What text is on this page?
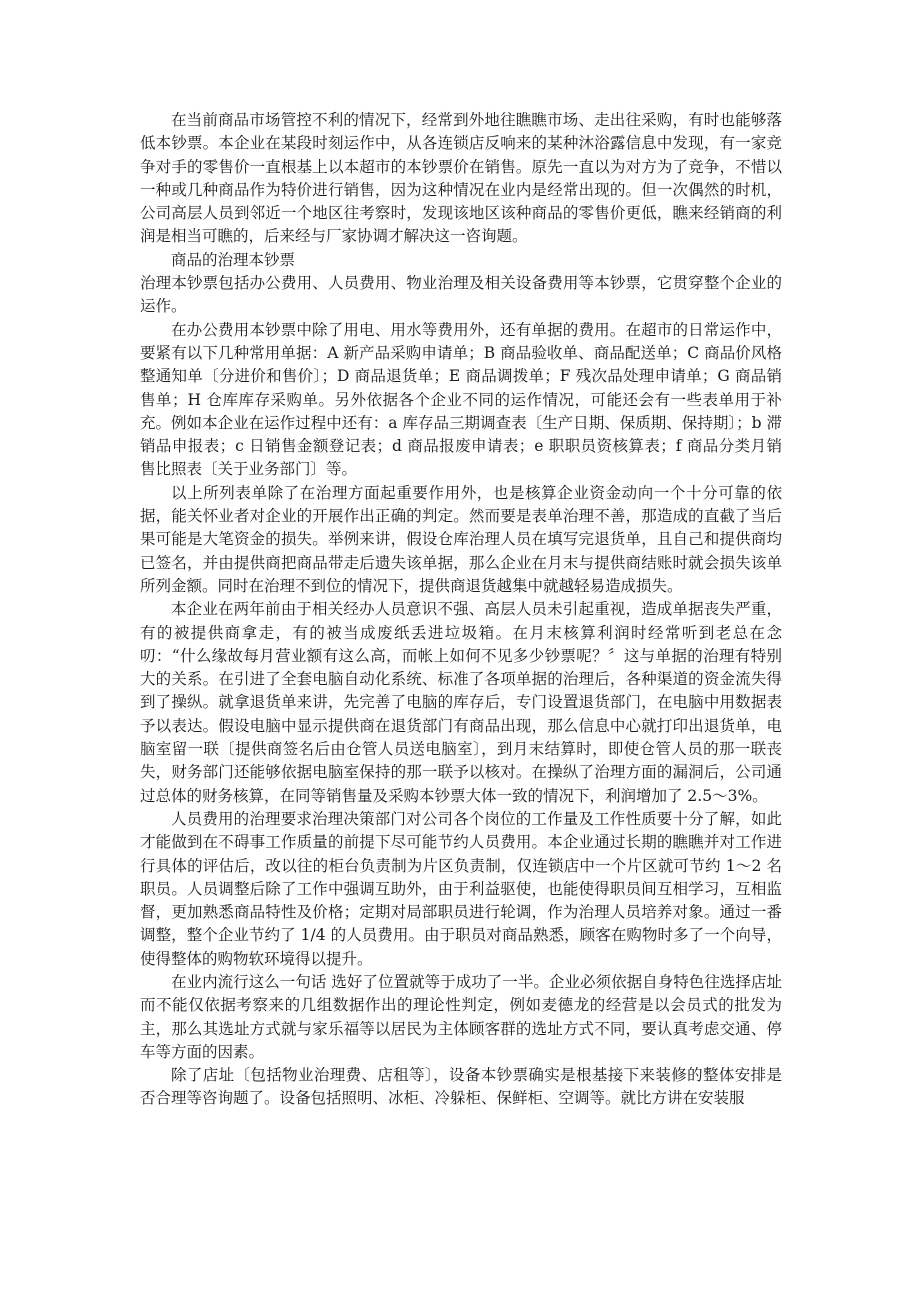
在当前商品市场管控不利的情况下，经常到外地往瞧瞧市场、走出往采购，有时也能够落低本钞票。本企业在某段时刻运作中，从各连锁店反响来的某种沐浴露信息中发现，有一家竞争对手的零售价一直根基上以本超市的本钞票价在销售。原先一直以为对方为了竞争，不惜以一种或几种商品作为特价进行销售，因为这种情况在业内是经常出现的。但一次偶然的时机，公司高层人员到邻近一个地区往考察时，发现该地区该种商品的零售价更低，瞧来经销商的利润是相当可瞧的，后来经与厂家协调才解决这一咨询题。

商品的治理本钞票

治理本钞票包括办公费用、人员费用、物业治理及相关设备费用等本钞票，它贯穿整个企业的运作。

在办公费用本钞票中除了用电、用水等费用外，还有单据的费用。在超市的日常运作中，要紧有以下几种常用单据：A 新产品采购申请单；B 商品验收单、商品配送单；C 商品价风格整通知单〔分进价和售价〕；D 商品退货单；E 商品调拨单；F 残次品处理申请单；G 商品销售单；H 仓库库存采购单。另外依据各个企业不同的运作情况，可能还会有一些表单用于补充。例如本企业在运作过程中还有：a 库存品三期调查表〔生产日期、保质期、保持期〕；b 滞销品申报表；c 日销售金额登记表；d 商品报废申请表；e 职职员资核算表；f 商品分类月销售比照表〔关于业务部门〕等。

以上所列表单除了在治理方面起重要作用外，也是核算企业资金动向一个十分可靠的依据，能关怀业者对企业的开展作出正确的判定。然而要是表单治理不善，那造成的直截了当后果可能是大笔资金的损失。举例来讲，假设仓库治理人员在填写完退货单，且自己和提供商均已签名，并由提供商把商品带走后遗失该单据，那么企业在月末与提供商结账时就会损失该单所列金额。同时在治理不到位的情况下，提供商退货越集中就越轻易造成损失。

本企业在两年前由于相关经办人员意识不强、高层人员未引起重视，造成单据丧失严重，有的被提供商拿走，有的被当成废纸丢进垃圾箱。在月末核算利润时经常听到老总在念叨：“什么缘故每月营业额有这么高，而帐上如何不见多少钞票呢？〞这与单据的治理有特别大的关系。在引进了全套电脑自动化系统、标准了各项单据的治理后，各种渠道的资金流失得到了操纵。就拿退货单来讲，先完善了电脑的库存后，专门设置退货部门，在电脑中用数据表予以表达。假设电脑中显示提供商在退货部门有商品出现，那么信息中心就打印出退货单，电脑室留一联〔提供商签名后由仓管人员送电脑室〕，到月末结算时，即使仓管人员的那一联丧失，财务部门还能够依据电脑室保持的那一联予以核对。在操纵了治理方面的漏洞后，公司通过总体的财务核算，在同等销售量及采购本钞票大体一致的情况下，利润增加了 2.5～3%。

人员费用的治理要求治理决策部门对公司各个岗位的工作量及工作性质要十分了解，如此才能做到在不碍事工作质量的前提下尽可能节约人员费用。本企业通过长期的瞧瞧并对工作进行具体的评估后，改以往的柜台负责制为片区负责制，仅连锁店中一个片区就可节约 1～2 名职员。人员调整后除了工作中强调互助外，由于利益驱使，也能使得职员间互相学习，互相监督，更加熟悉商品特性及价格；定期对局部职员进行轮调，作为治理人员培养对象。通过一番调整，整个企业节约了 1/4 的人员费用。由于职员对商品熟悉，顾客在购物时多了一个向导，使得整体的购物软环境得以提升。

在业内流行这么一句话 选好了位置就等于成功了一半。企业必须依据自身特色往选择店址而不能仅依据考察来的几组数据作出的理论性判定，例如麦德龙的经营是以会员式的批发为主，那么其选址方式就与家乐福等以居民为主体顾客群的选址方式不同，要认真考虑交通、停车等方面的因素。

除了店址〔包括物业治理费、店租等〕，设备本钞票确实是根基接下来装修的整体安排是否合理等咨询题了。设备包括照明、冰柜、冷躲柜、保鲜柜、空调等。就比方讲在安装服
